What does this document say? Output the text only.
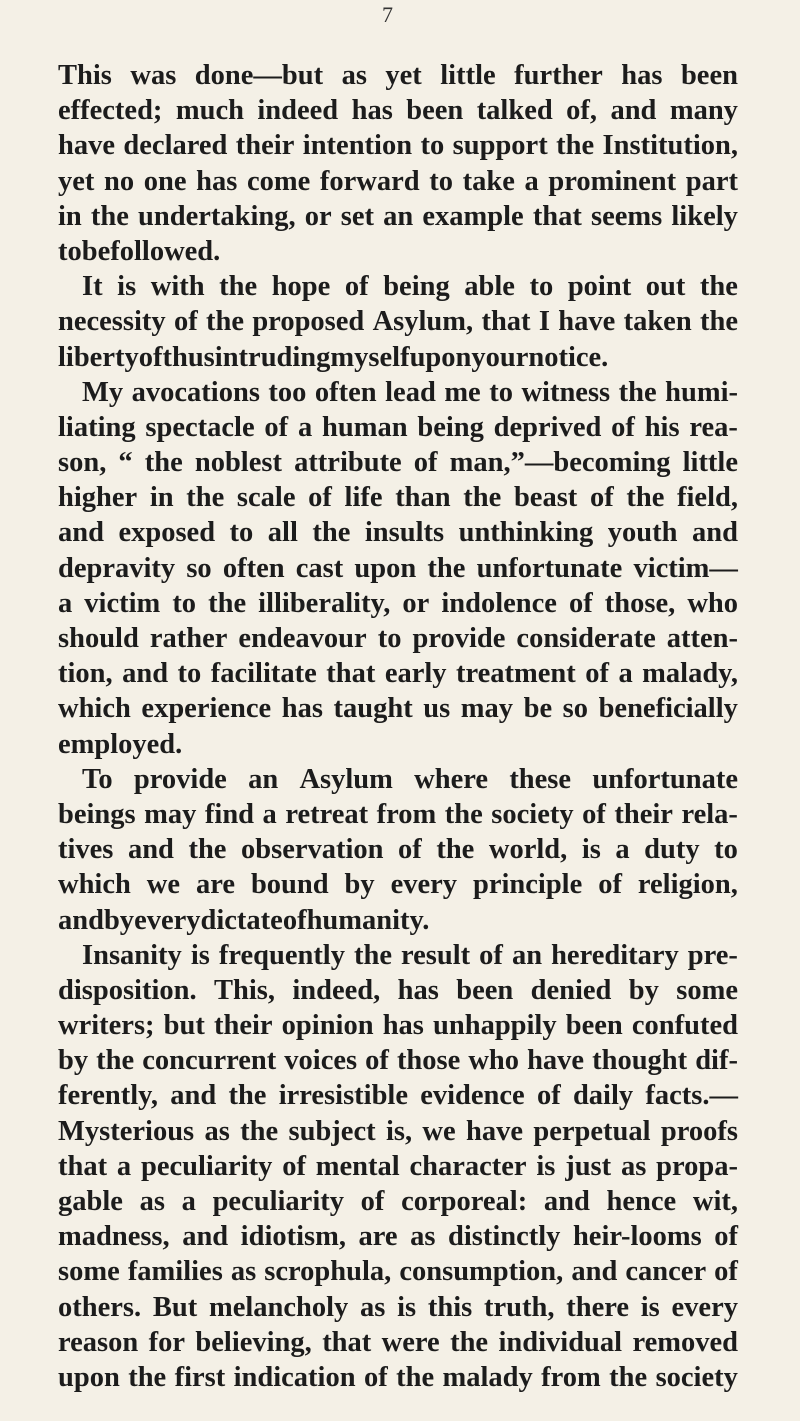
7

This was done—but as yet little further has been
effected; much indeed has been talked of, and many
have declared their intention to support the Institution,
yet no one has come forward to take a prominent part
in the undertaking, or set an example that seems likely
to be followed.
It is with the hope of being able to point out the
necessity of the proposed Asylum, that I have taken the
liberty of thus intruding myself upon your notice.
My avocations too often lead me to witness the humi-
liating spectacle of a human being deprived of his rea-
son, “ the noblest attribute of man,”—becoming little
higher in the scale of life than the beast of the field,
and exposed to all the insults unthinking youth and
depravity so often cast upon the unfortunate victim—
a victim to the illiberality, or indolence of those, who
should rather endeavour to provide considerate atten-
tion, and to facilitate that early treatment of a malady,
which experience has taught us may be so beneficially
employed.
To provide an Asylum where these unfortunate
beings may find a retreat from the society of their rela-
tives and the observation of the world, is a duty to
which we are bound by every principle of religion,
and by every dictate of humanity.
Insanity is frequently the result of an hereditary pre-
disposition. This, indeed, has been denied by some
writers; but their opinion has unhappily been confuted
by the concurrent voices of those who have thought dif-
ferently, and the irresistible evidence of daily facts.—
Mysterious as the subject is, we have perpetual proofs
that a peculiarity of mental character is just as propa-
gable as a peculiarity of corporeal: and hence wit,
madness, and idiotism, are as distinctly heir-looms of
some families as scrophula, consumption, and cancer of
others. But melancholy as is this truth, there is every
reason for believing, that were the individual removed
upon the first indication of the malady from the society
